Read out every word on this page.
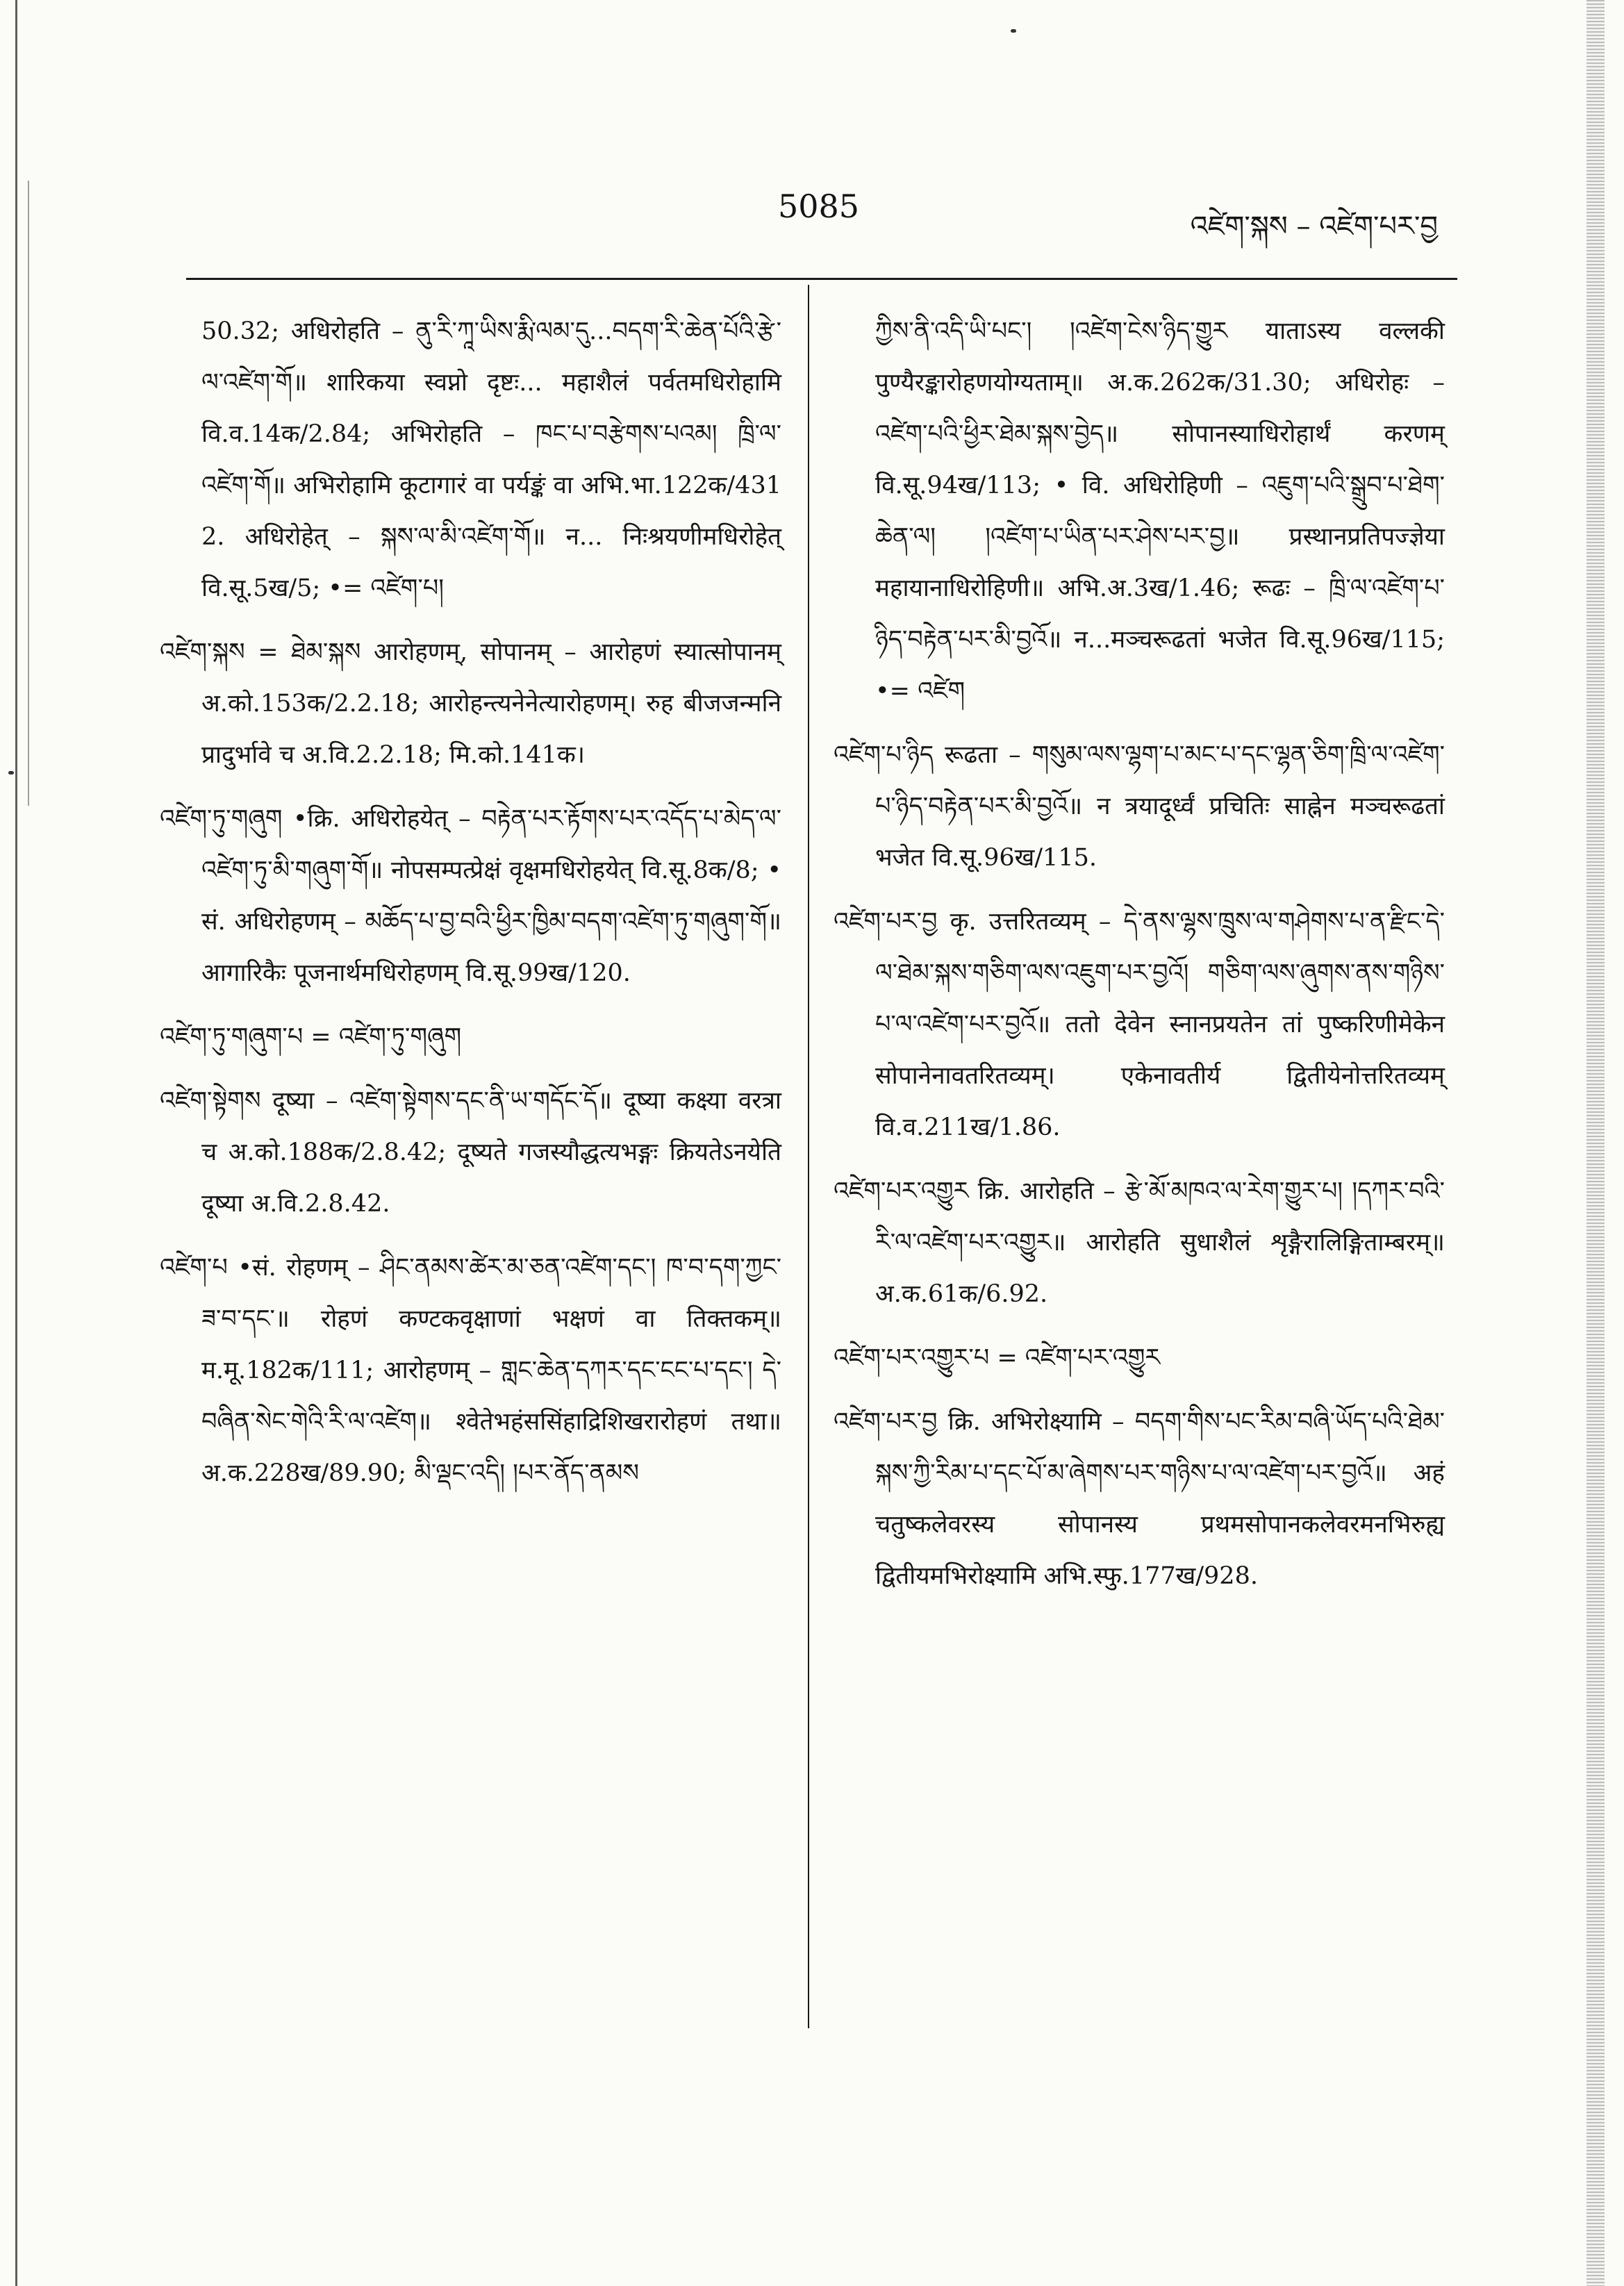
5085
འཛེག་སྐས – འཛེག་པར་བྱ

50.32; अधिरोहति – ནུ་རི་ཀཱ་ཡིས་རྨི་ལམ་དུ...བདག་རི་ཆེན་པོའི་རྩེ་ལ་འཛེག་གོ॥ शारिकया स्वप्नो दृष्टः... महाशैलं पर्वतमधिरोहामि वि.व.14क/2.84; अभिरोहति – ཁང་པ་བརྩེགས་པའམ། ཁྲི་ལ་འཛེག་གོ॥ अभिरोहामि कूटागारं वा पर्यङ्कं वा अभि.भा.122क/431 2. अधिरोहेत् – སྐས་ལ་མི་འཛེག་གོ॥ न... निःश्रयणीमधिरोहेत् वि.सू.5ख/5; •= འཛེག་པ།

འཛེག་སྐས = ཐེམ་སྐས आरोहणम्, सोपानम् – आरोहणं स्यात्सोपानम् अ.को.153क/2.2.18; आरोहन्त्यनेनेत्यारोहणम्। रुह बीजजन्मनि प्रादुर्भावे च अ.वि.2.2.18; मि.को.141क।

འཛེག་ཏུ་གཞུག •क्रि. अधिरोहयेत् – བརྟེན་པར་རྟོགས་པར་འདོད་པ་མེད་ལ་འཛེག་ཏུ་མི་གཞུག་གོ॥ नोपसम्पत्प्रेक्षं वृक्षमधिरोहयेत् वि.सू.8क/8; • सं. अधिरोहणम् – མཆོད་པ་བྱ་བའི་ཕྱིར་ཁྱིམ་བདག་འཛེག་ཏུ་གཞུག་གོ॥ आगारिकैः पूजनार्थमधिरोहणम् वि.सू.99ख/120.

འཛེག་ཏུ་གཞུག་པ = འཛེག་ཏུ་གཞུག

འཛེག་སྟེགས दूष्या – འཛེག་སྟེགས་དང་ནི་ཡ་གདོང་དོ॥ दूष्या कक्ष्या वरत्रा च अ.को.188क/2.8.42; दूष्यते गजस्यौद्धत्यभङ्गः क्रियतेऽनयेति दूष्या अ.वि.2.8.42.

འཛེག་པ •सं. रोहणम् – ཤིང་ནམས་ཚེར་མ་ཅན་འཛེག་དང་། ཁ་བ་དག་ཀྱང་ཟ་བ་དང་॥ रोहणं कण्टकवृक्षाणां भक्षणं वा तिक्तकम्॥ म.मू.182क/111; आरोहणम् – གླང་ཆེན་དཀར་དང་ངང་པ་དང་། དེ་བཞིན་སེང་གེའི་རི་ལ་འཛེག॥ श्वेतेभहंससिंहाद्रिशिखरारोहणं तथा॥ अ.क.228ख/89.90; མི་ལྡང་འདི། །པར་ནོད་ནམས

ཀྱིས་ནི་འདི་ཡི་པང་། །འཛེག་ངེས་ཉིད་གྱུར याताऽस्य वल्लकी पुण्यैरङ्कारोहणयोग्यताम्॥ अ.क.262क/31.30; अधिरोहः – འཛེག་པའི་ཕྱིར་ཐེམ་སྐས་བྱེད॥ सोपानस्याधिरोहार्थं करणम् वि.सू.94ख/113; • वि. अधिरोहिणी – འཇུག་པའི་སྒྲུབ་པ་ཐེག་ཆེན་ལ། །འཛེག་པ་ཡིན་པར་ཤེས་པར་བྱ॥ प्रस्थानप्रतिपज्ज्ञेया महायानाधिरोहिणी॥ अभि.अ.3ख/1.46; रूढः – ཁྲི་ལ་འཛེག་པ་ཉིད་བརྟེན་པར་མི་བྱའོ॥ न...मञ्चरूढतां भजेत वि.सू.96ख/115; •= འཛེག

འཛེག་པ་ཉིད रूढता – གསུམ་ལས་ལྷག་པ་མང་པ་དང་ལྷན་ཅིག་ཁྲི་ལ་འཛེག་པ་ཉིད་བརྟེན་པར་མི་བྱའོ॥ न त्रयादूर्ध्वं प्रचितिः साह्नेन मञ्चरूढतां भजेत वि.सू.96ख/115.

འཛེག་པར་བྱ कृ. उत्तरितव्यम् – དེ་ནས་ལྷས་ཁྲུས་ལ་གཤེགས་པ་ན་རྫིང་དེ་ལ་ཐེམ་སྐས་གཅིག་ལས་འཇུག་པར་བྱའོ། གཅིག་ལས་ཞུགས་ནས་གཉིས་པ་ལ་འཛེག་པར་བྱའོ॥ ततो देवेन स्नानप्रयतेन तां पुष्करिणीमेकेन सोपानेनावतरितव्यम्। एकेनावतीर्य द्वितीयेनोत्तरितव्यम् वि.व.211ख/1.86.

འཛེག་པར་འགྱུར क्रि. आरोहति – རྩེ་མོ་མཁའ་ལ་རེག་གྱུར་པ། །དཀར་བའི་རི་ལ་འཛེག་པར་འགྱུར॥ आरोहति सुधाशैलं शृङ्गैरालिङ्गिताम्बरम्॥ अ.क.61क/6.92.

འཛེག་པར་འགྱུར་པ = འཛེག་པར་འགྱུར

འཛེག་པར་བྱ क्रि. अभिरोक्ष्यामि – བདག་གིས་པང་རིམ་བཞི་ཡོད་པའི་ཐེམ་སྐས་ཀྱི་རིམ་པ་དང་པོ་མ་ཞེགས་པར་གཉིས་པ་ལ་འཛེག་པར་བྱའོ॥ अहं चतुष्कलेवरस्य सोपानस्य प्रथमसोपानकलेवरमनभिरुह्य द्वितीयमभिरोक्ष्यामि अभि.स्फु.177ख/928.
